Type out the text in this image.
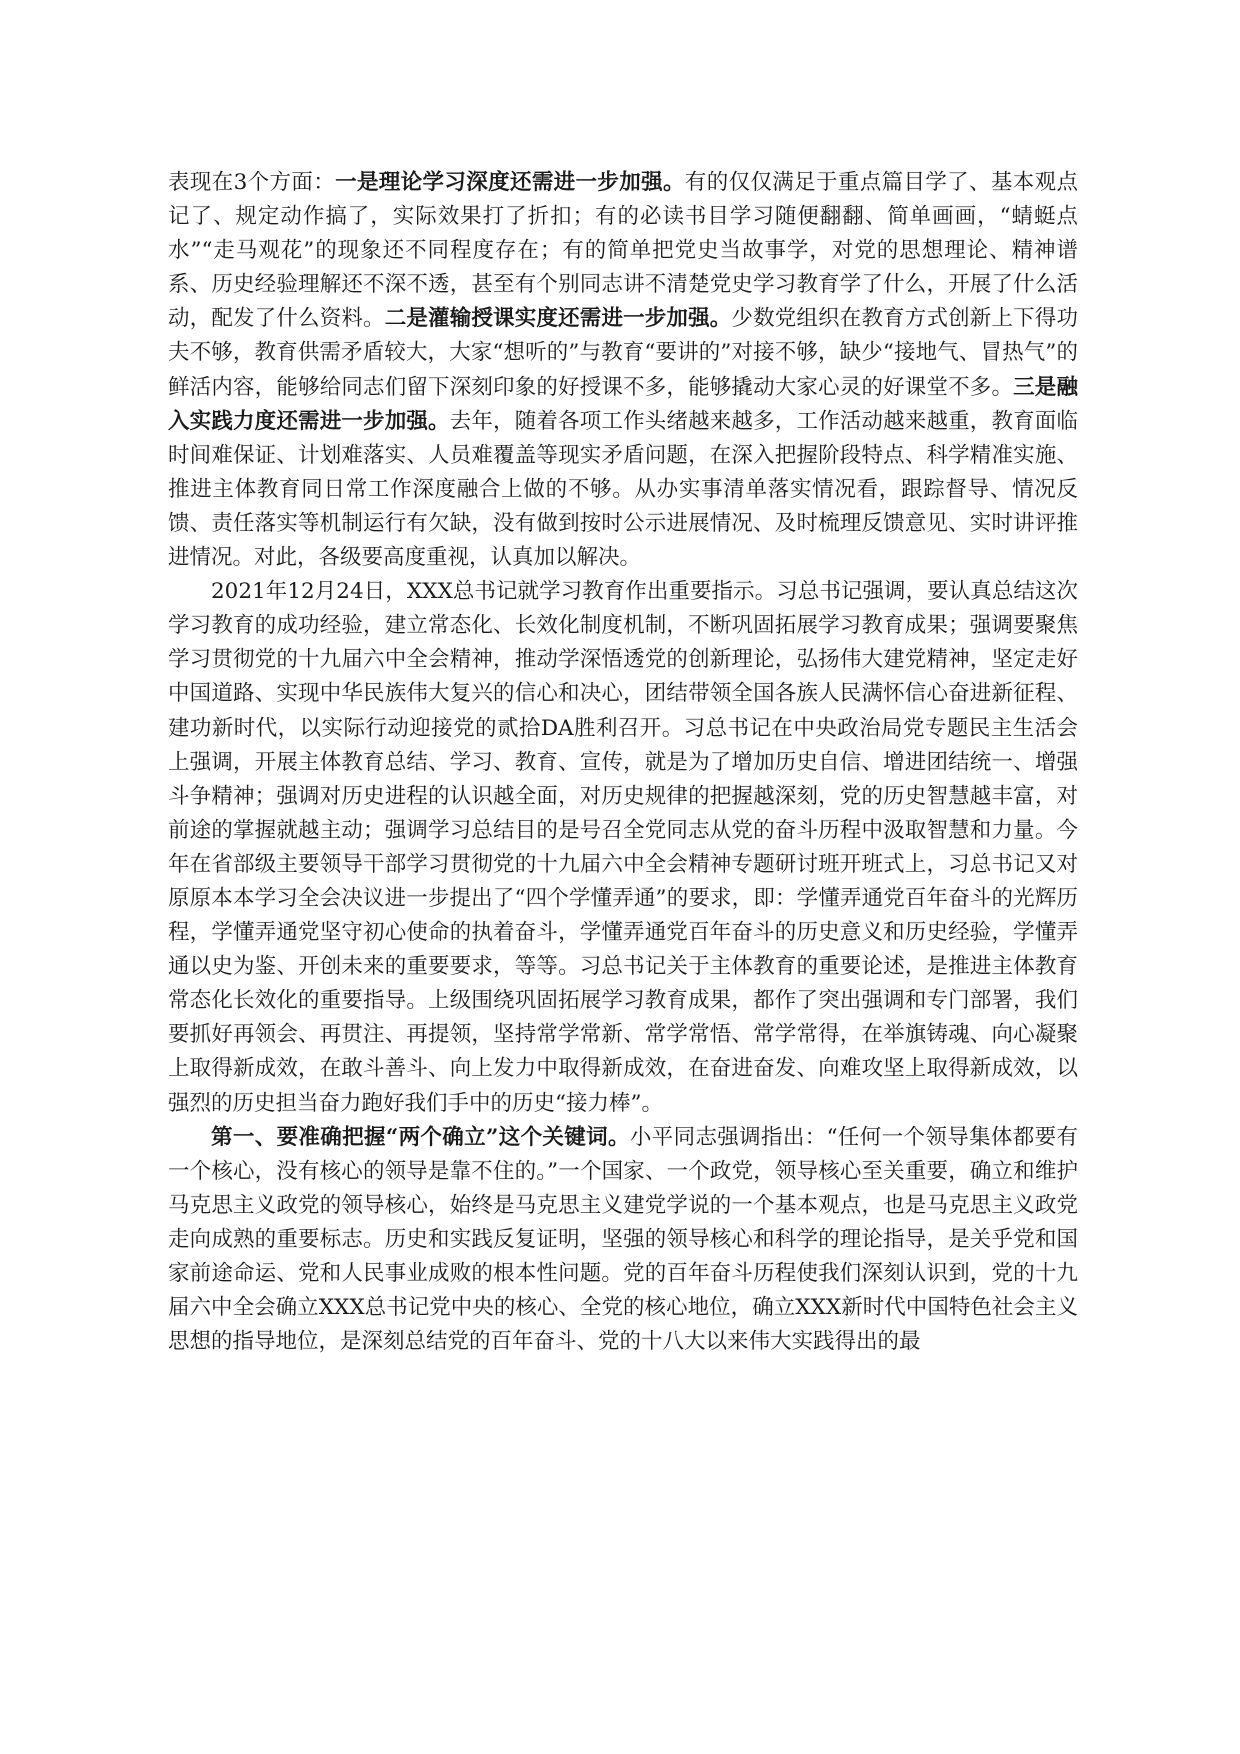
表现在3个方面：一是理论学习深度还需进一步加强。有的仅仅满足于重点篇目学了、基本观点记了、规定动作搞了，实际效果打了折扣；有的必读书目学习随便翻翻、简单画画，“蜻蜓点水”“走马观花”的现象还不同程度存在；有的简单把党史当故事学，对党的思想理论、精神谱系、历史经验理解还不深不透，甚至有个别同志讲不清楚党史学习教育学了什么，开展了什么活动，配发了什么资料。二是灌输授课实度还需进一步加强。少数党组织在教育方式创新上下得功夫不够，教育供需矛盾较大，大家“想听的”与教育“要讲的”对接不够，缺少“接地气、冒热气”的鲜活内容，能够给同志们留下深刻印象的好授课不多，能够撬动大家心灵的好课堂不多。三是融入实践力度还需进一步加强。去年，随着各项工作头绪越来越多，工作活动越来越重，教育面临时间难保证、计划难落实、人员难覆盖等现实矛盾问题，在深入把握阶段特点、科学精准实施、推进主体教育同日常工作深度融合上做的不够。从办实事清单落实情况看，跟踪督导、情况反馈、责任落实等机制运行有欠缺，没有做到按时公示进展情况、及时梳理反馈意见、实时讲评推进情况。对此，各级要高度重视，认真加以解决。

2021年12月24日，XXX总书记就学习教育作出重要指示。习总书记强调，要认真总结这次学习教育的成功经验，建立常态化、长效化制度机制，不断巩固拓展学习教育成果；强调要聚焦学习贯彻党的十九届六中全会精神，推动学深悟透党的创新理论，弘扬伟大建党精神，坚定走好中国道路、实现中华民族伟大复兴的信心和决心，团结带领全国各族人民满怀信心奋进新征程、建功新时代，以实际行动迎接党的贰拾DA胜利召开。习总书记在中央政治局党专题民主生活会上强调，开展主体教育总结、学习、教育、宣传，就是为了增加历史自信、增进团结统一、增强斗争精神；强调对历史进程的认识越全面，对历史规律的把握越深刻，党的历史智慧越丰富，对前途的掌握就越主动；强调学习总结目的是号召全党同志从党的奋斗历程中汲取智慧和力量。今年在省部级主要领导干部学习贯彻党的十九届六中全会精神专题研讨班开班式上，习总书记又对原原本本学习全会决议进一步提出了“四个学懂弄通”的要求，即：学懂弄通党百年奋斗的光辉历程，学懂弄通党坚守初心使命的执着奋斗，学懂弄通党百年奋斗的历史意义和历史经验，学懂弄通以史为鉴、开创未来的重要要求，等等。习总书记关于主体教育的重要论述，是推进主体教育常态化长效化的重要指导。上级围绕巩固拓展学习教育成果，都作了突出强调和专门部署，我们要抓好再领会、再贯注、再提领，坚持常学常新、常学常悟、常学常得，在举旗铸魂、向心凝聚上取得新成效，在敢斗善斗、向上发力中取得新成效，在奋进奋发、向难攻坚上取得新成效，以强烈的历史担当奋力跑好我们手中的历史“接力棒”。

第一、要准确把握“两个确立”这个关键词。小平同志强调指出：“任何一个领导集体都要有一个核心，没有核心的领导是靠不住的。”一个国家、一个政党，领导核心至关重要，确立和维护马克思主义政党的领导核心，始终是马克思主义建党学说的一个基本观点，也是马克思主义政党走向成熟的重要标志。历史和实践反复证明，坚强的领导核心和科学的理论指导，是关乎党和国家前途命运、党和人民事业成败的根本性问题。党的百年奋斗历程使我们深刻认识到，党的十九届六中全会确立XXX总书记党中央的核心、全党的核心地位，确立XXX新时代中国特色社会主义思想的指导地位，是深刻总结党的百年奋斗、党的十八大以来伟大实践得出的最
